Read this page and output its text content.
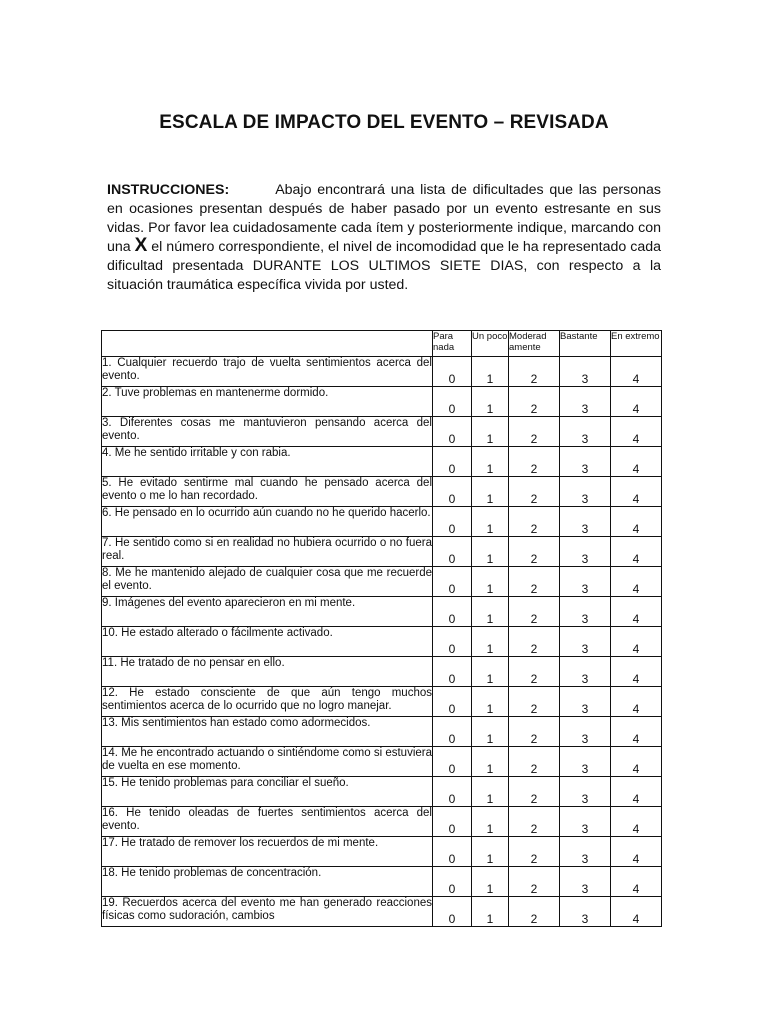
ESCALA DE IMPACTO DEL EVENTO – REVISADA
INSTRUCCIONES:	Abajo encontrará una lista de dificultades que las personas en ocasiones presentan después de haber pasado por un evento estresante en sus vidas. Por favor lea cuidadosamente cada ítem y posteriormente indique, marcando con una X el número correspondiente, el nivel de incomodidad que le ha representado cada dificultad presentada DURANTE LOS ULTIMOS SIETE DIAS, con respecto a la situación traumática específica vivida por usted.
	Para nada	Un poco	Moderad amente	Bastante	En extremo
1. Cualquier recuerdo trajo de vuelta sentimientos acerca del evento.	0	1	2	3	4
2. Tuve problemas en mantenerme dormido.	0	1	2	3	4
3. Diferentes cosas me mantuvieron pensando acerca del evento.	0	1	2	3	4
4. Me he sentido irritable y con rabia.	0	1	2	3	4
5. He evitado sentirme mal cuando he pensado acerca del evento o me lo han recordado.	0	1	2	3	4
6. He pensado en lo ocurrido aún cuando no he querido hacerlo.	0	1	2	3	4
7. He sentido como si en realidad no hubiera ocurrido o no fuera real.	0	1	2	3	4
8. Me he mantenido alejado de cualquier cosa que me recuerde el evento.	0	1	2	3	4
9. Imágenes del evento aparecieron en mi mente.	0	1	2	3	4
10. He estado alterado o fácilmente activado.	0	1	2	3	4
11. He tratado de no pensar en ello.	0	1	2	3	4
12. He estado consciente de que aún tengo muchos sentimientos acerca de lo ocurrido que no logro manejar.	0	1	2	3	4
13. Mis sentimientos han estado como adormecidos.	0	1	2	3	4
14. Me he encontrado actuando o sintiéndome como si estuviera de vuelta en ese momento.	0	1	2	3	4
15. He tenido problemas para conciliar el sueño.	0	1	2	3	4
16. He tenido oleadas de fuertes sentimientos acerca del evento.	0	1	2	3	4
17. He tratado de remover los recuerdos de mi mente.	0	1	2	3	4
18. He tenido problemas de concentración.	0	1	2	3	4
19. Recuerdos acerca del evento me han generado reacciones físicas como sudoración, cambios	0	1	2	3	4
